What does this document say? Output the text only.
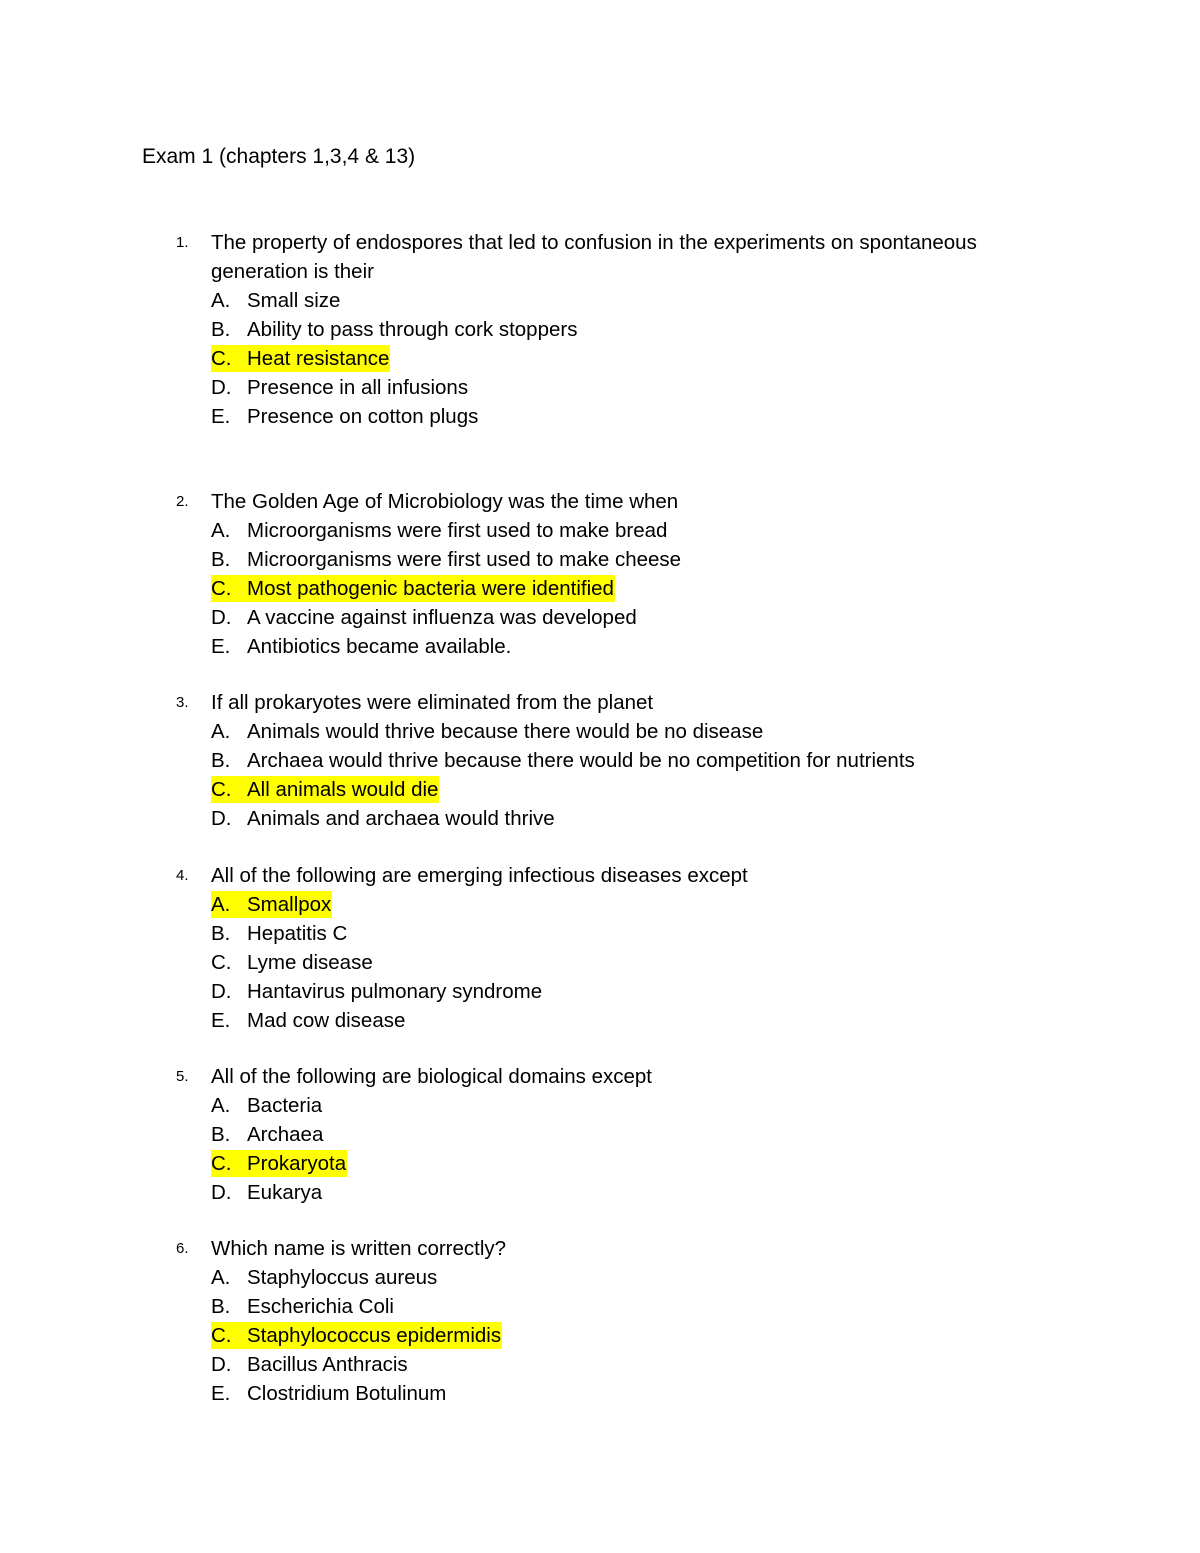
Exam 1 (chapters 1,3,4 & 13)
1.	The property of endospores that led to confusion in the experiments on spontaneous
generation is their
A. Small size
B. Ability to pass through cork stoppers
C. Heat resistance
D. Presence in all infusions
E. Presence on cotton plugs
2.	The Golden Age of Microbiology was the time when
A. Microorganisms were first used to make bread
B. Microorganisms were first used to make cheese
C. Most pathogenic bacteria were identified
D. A vaccine against influenza was developed
E. Antibiotics became available.
3.	If all prokaryotes were eliminated from the planet
A. Animals would thrive because there would be no disease
B. Archaea would thrive because there would be no competition for nutrients
C. All animals would die
D. Animals and archaea would thrive
4.	All of the following are emerging infectious diseases except
A. Smallpox
B. Hepatitis C
C. Lyme disease
D. Hantavirus pulmonary syndrome
E. Mad cow disease
5.	All of the following are biological domains except
A. Bacteria
B. Archaea
C. Prokaryota
D. Eukarya
6.	Which name is written correctly?
A. Staphyloccus aureus
B. Escherichia Coli
C. Staphylococcus epidermidis
D. Bacillus Anthracis
E. Clostridium Botulinum
